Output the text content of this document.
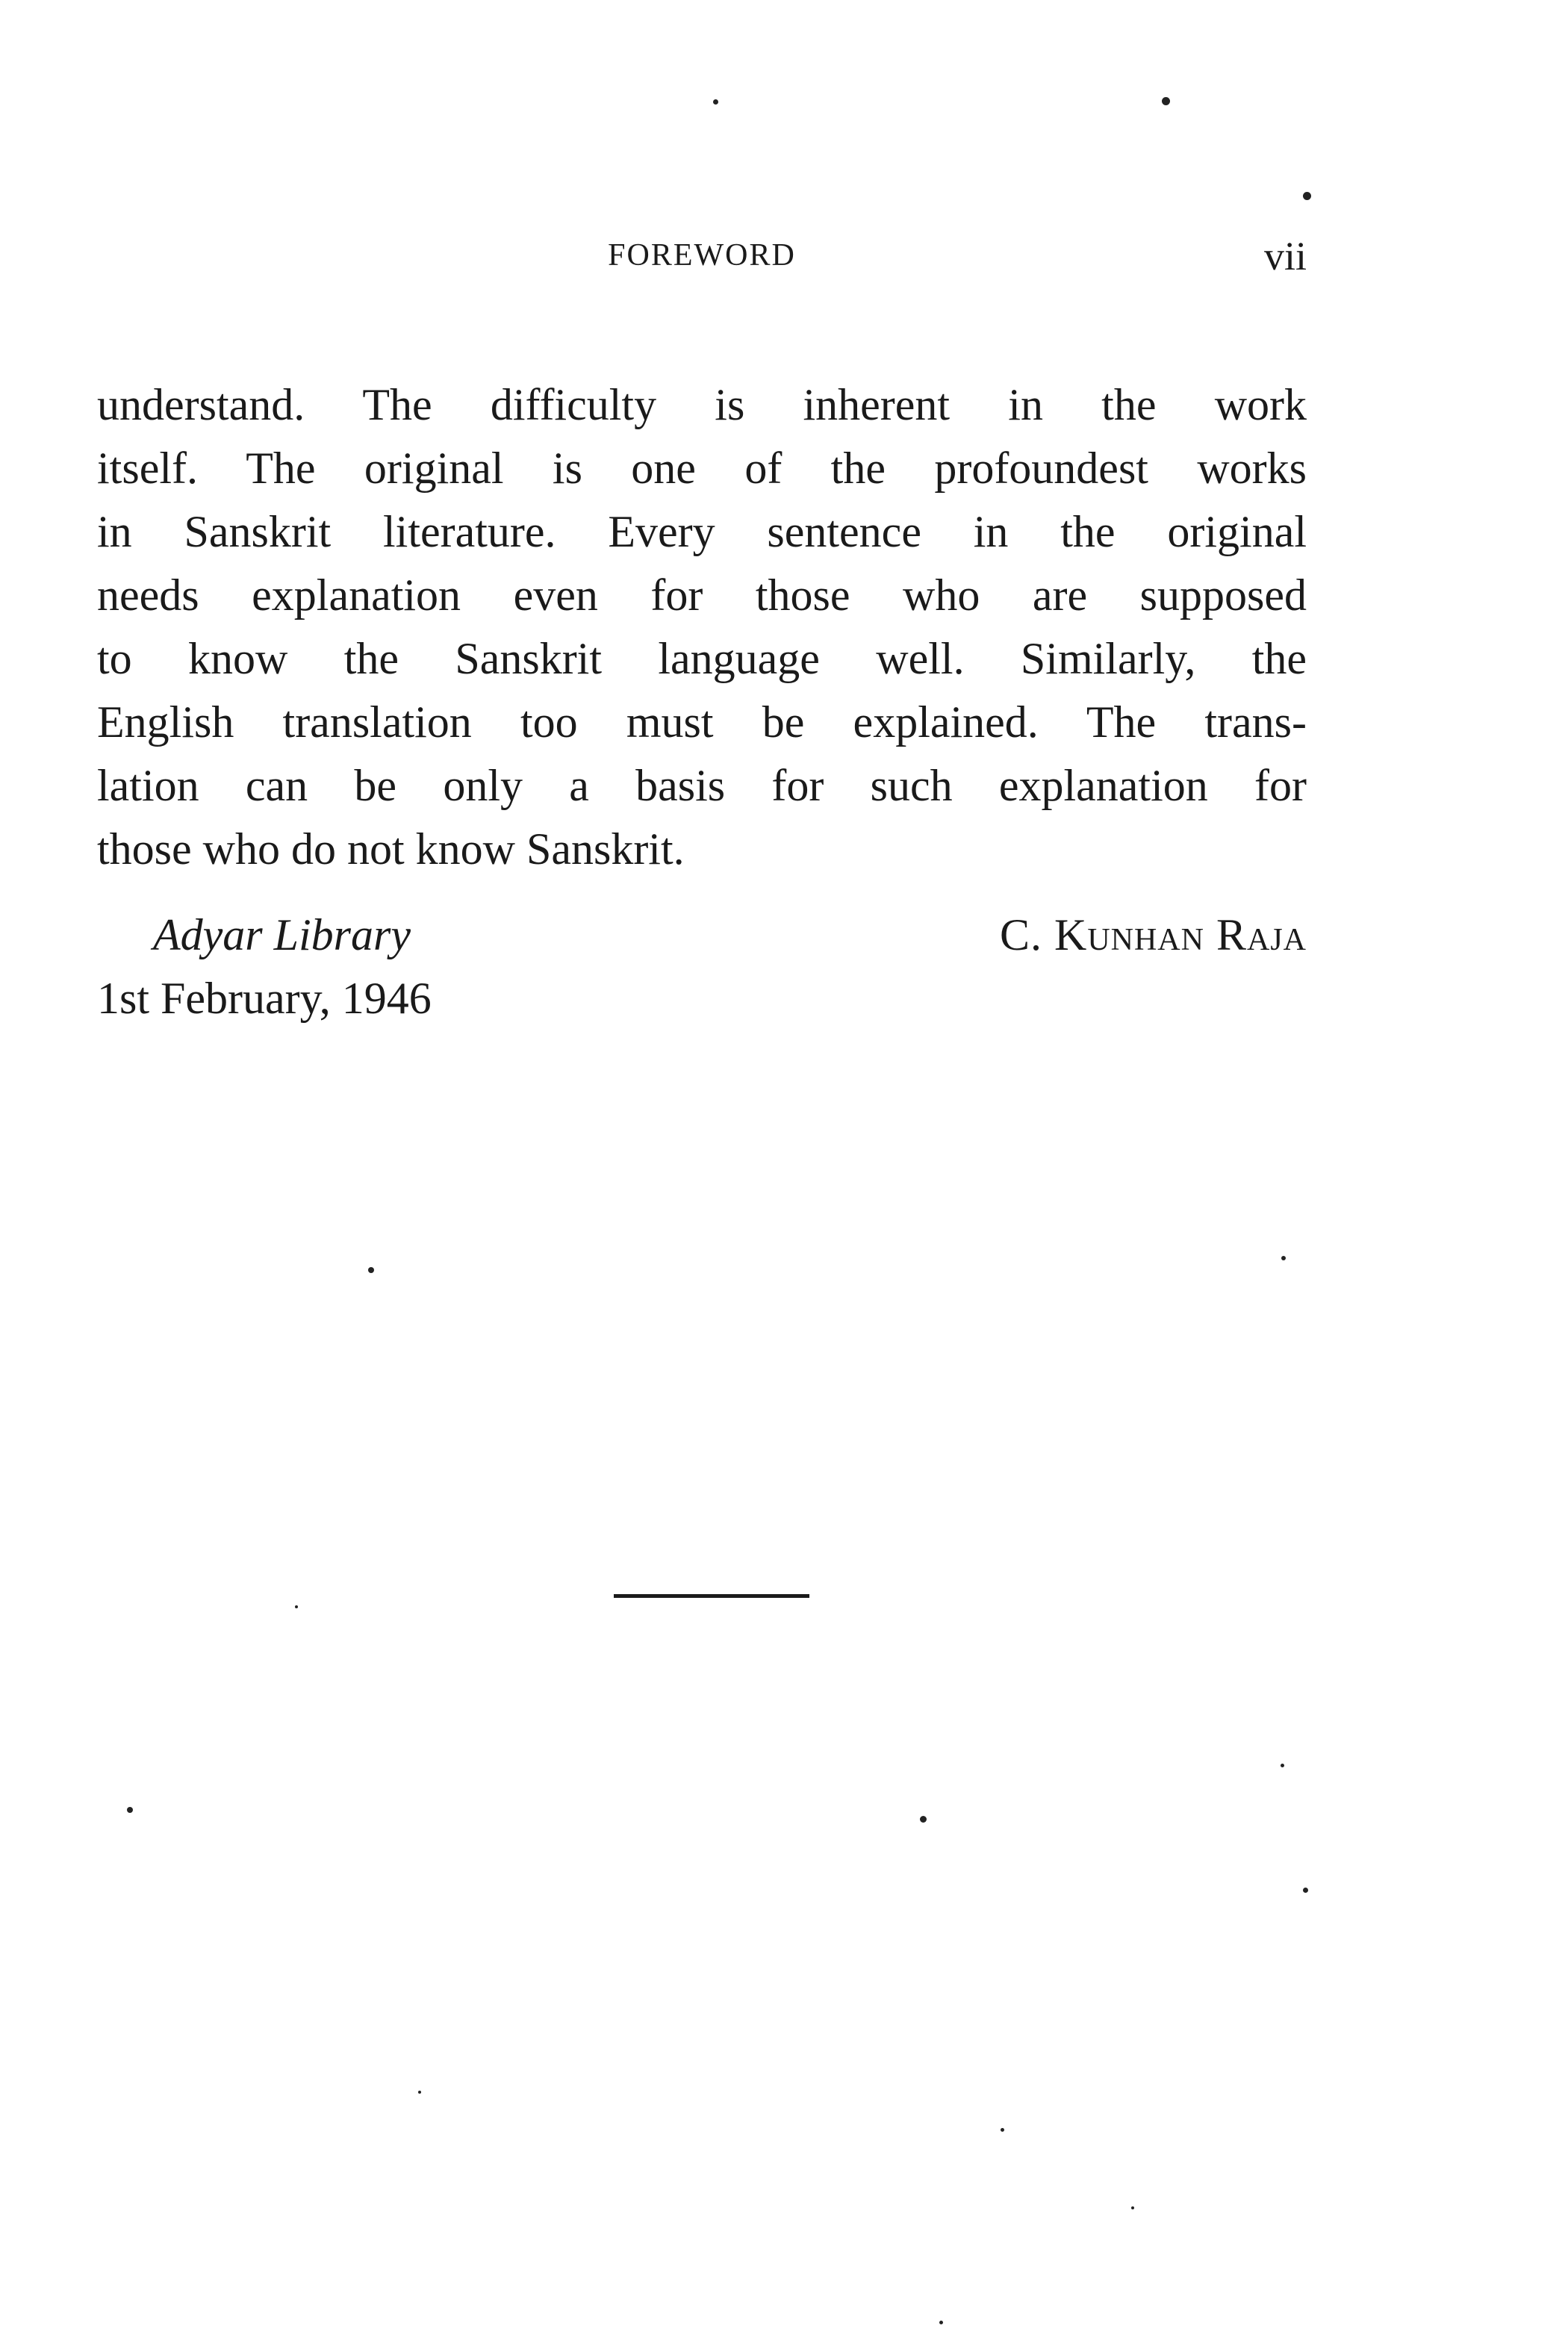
FOREWORD	vii
understand. The difficulty is inherent in the work
itself. The original is one of the profoundest works
in Sanskrit literature. Every sentence in the original
needs explanation even for those who are supposed
to know the Sanskrit language well. Similarly, the
English translation too must be explained. The trans-
lation can be only a basis for such explanation for
those who do not know Sanskrit.
Adyar Library
1st February, 1946
C. Kunhan Raja
